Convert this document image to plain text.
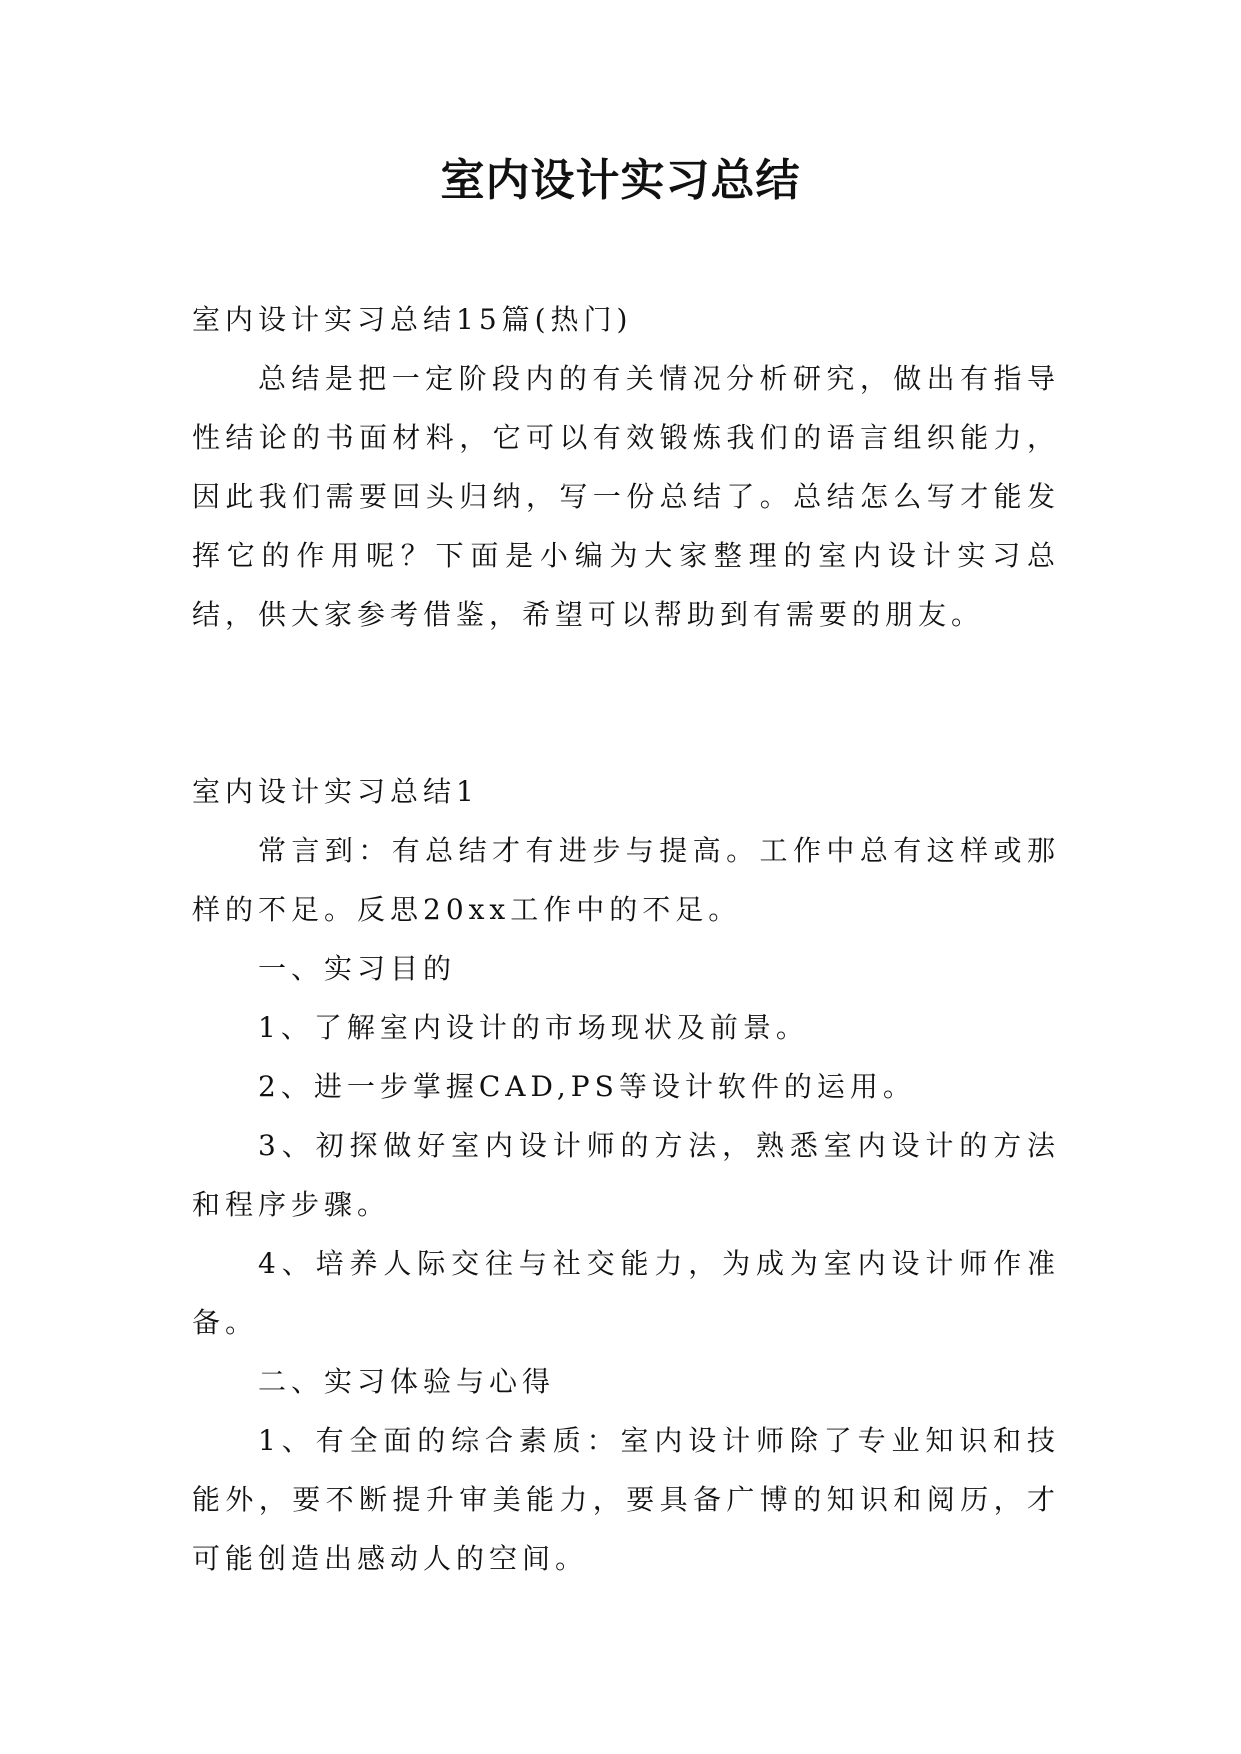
室内设计实习总结

室内设计实习总结15篇(热门)

总结是把一定阶段内的有关情况分析研究，做出有指导性结论的书面材料，它可以有效锻炼我们的语言组织能力，因此我们需要回头归纳，写一份总结了。总结怎么写才能发挥它的作用呢？下面是小编为大家整理的室内设计实习总结，供大家参考借鉴，希望可以帮助到有需要的朋友。

室内设计实习总结1

常言到：有总结才有进步与提高。工作中总有这样或那样的不足。反思20xx工作中的不足。

一、实习目的

1、了解室内设计的市场现状及前景。

2、进一步掌握CAD,PS等设计软件的运用。

3、初探做好室内设计师的方法，熟悉室内设计的方法和程序步骤。

4、培养人际交往与社交能力，为成为室内设计师作准备。

二、实习体验与心得

1、有全面的综合素质：室内设计师除了专业知识和技能外，要不断提升审美能力，要具备广博的知识和阅历，才可能创造出感动人的空间。
